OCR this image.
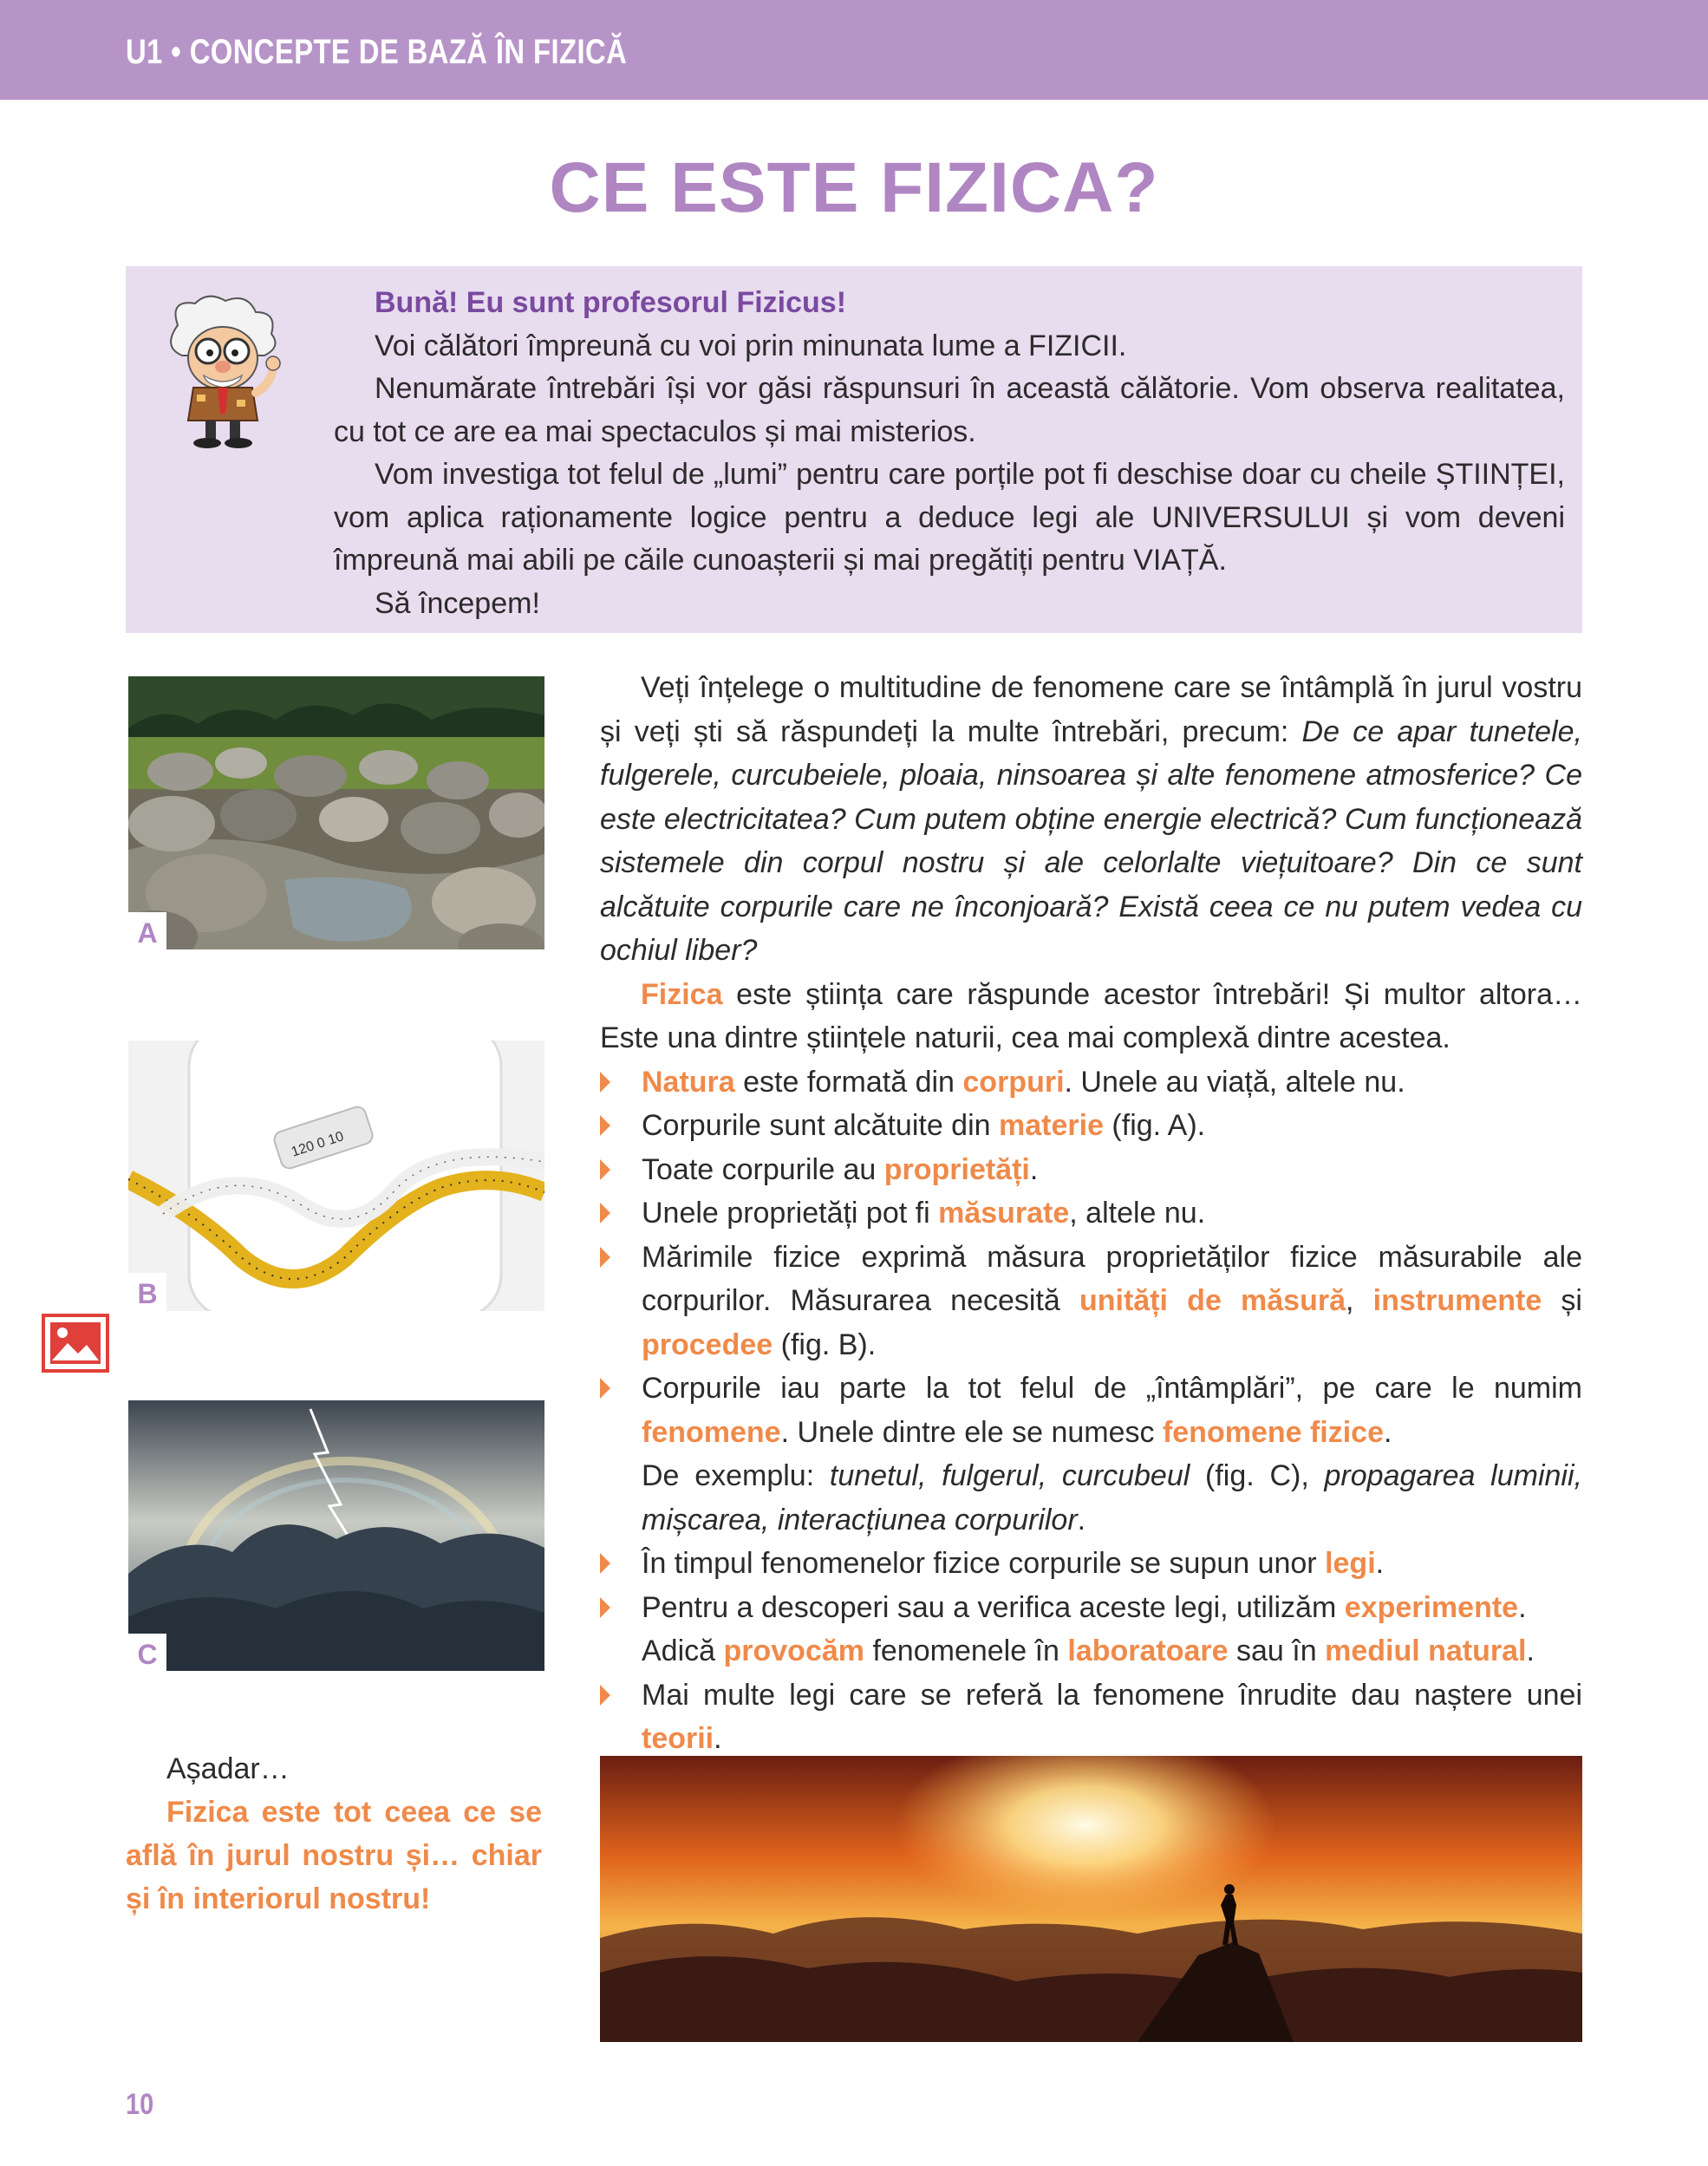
U1 • CONCEPTE DE BAZĂ ÎN FIZICĂ
CE ESTE FIZICA?

Bună! Eu sunt profesorul Fizicus!

Voi călători împreună cu voi prin minunata lume a FIZICII.

Nenumărate întrebări își vor găsi răspunsuri în această călătorie. Vom observa realitatea, cu tot ce are ea mai spectaculos și mai misterios.

Vom investiga tot felul de „lumi” pentru care porțile pot fi deschise doar cu cheile ȘTIINȚEI, vom aplica raționamente logice pentru a deduce legi ale UNIVERSULUI și vom deveni împreună mai abili pe căile cunoașterii și mai pregătiți pentru VIAȚĂ.

Să începem!

A
120 0 10
B
C

Veți înțelege o multitudine de fenomene care se întâmplă în jurul vostru și veți ști să răspundeți la multe întrebări, precum: De ce apar tunetele, fulgerele, curcubeiele, ploaia, ninsoarea și alte fenomene atmosferice? Ce este electricitatea? Cum putem obține energie electrică? Cum funcționează sistemele din corpul nostru și ale celorlalte viețuitoare? Din ce sunt alcătuite corpurile care ne înconjoară? Există ceea ce nu putem vedea cu ochiul liber?

Fizica este știința care răspunde acestor întrebări! Și multor altora… Este una dintre științele naturii, cea mai complexă dintre acestea.

Natura este formată din corpuri. Unele au viață, altele nu.
Corpurile sunt alcătuite din materie (fig. A).
Toate corpurile au proprietăți.
Unele proprietăți pot fi măsurate, altele nu.
Mărimile fizice exprimă măsura proprietăților fizice măsurabile ale corpurilor. Măsurarea necesită unități de măsură, instrumente și procedee (fig. B).
Corpurile iau parte la tot felul de „întâmplări”, pe care le numim fenomene. Unele dintre ele se numesc fenomene fizice.
De exemplu: tunetul, fulgerul, curcubeul (fig. C), propagarea luminii, mișcarea, interacțiunea corpurilor.
În timpul fenomenelor fizice corpurile se supun unor legi.
Pentru a descoperi sau a verifica aceste legi, utilizăm experimente.
Adică provocăm fenomenele în laboratoare sau în mediul natural.
Mai multe legi care se referă la fenomene înrudite dau naștere unei teorii.

Așadar…

Fizica este tot ceea ce se află în jurul nostru și… chiar și în interiorul nostru!

10
